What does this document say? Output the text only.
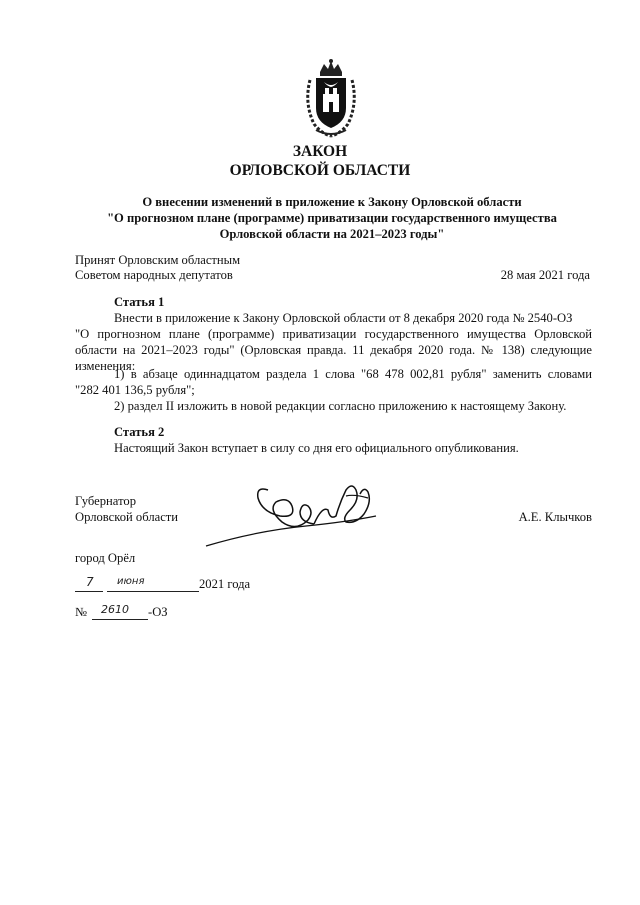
ЗАКОН
ОРЛОВСКОЙ ОБЛАСТИ
О внесении изменений в приложение к Закону Орловской области
"О прогнозном плане (программе) приватизации государственного имущества
Орловской области на 2021–2023 годы"
Принят Орловским областным
Советом народных депутатов	28 мая 2021 года
Статья 1
Внести в приложение к Закону Орловской области от 8 декабря 2020 года № 2540-ОЗ
"О прогнозном плане (программе) приватизации государственного имущества Орловской
области на 2021–2023 годы" (Орловская правда. 11 декабря 2020 года. № 138) следующие
изменения:
1) в абзаце одиннадцатом раздела 1 слова "68 478 002,81 рубля" заменить словами
"282 401 136,5 рубля";
2) раздел II изложить в новой редакции согласно приложению к настоящему Закону.
Статья 2
Настоящий Закон вступает в силу со дня его официального опубликования.
Губернатор
Орловской области	А.Е. Клычков
город Орёл
7 июня	2021 года
№ 2610 -ОЗ
